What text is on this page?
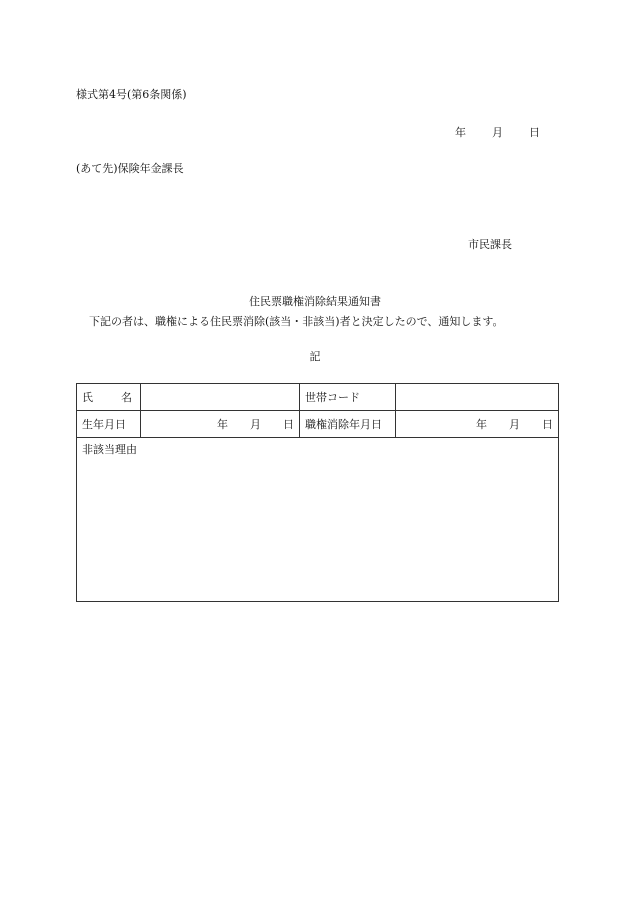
様式第4号(第6条関係)
年 月 日
(あて先)保険年金課長
市民課長
住民票職権消除結果通知書
下記の者は、職権による住民票消除(該当・非該当)者と決定したので、通知します。
記
氏 名		世帯コード	
生年月日	年 月 日	職権消除年月日	年 月 日
非該当理由			
